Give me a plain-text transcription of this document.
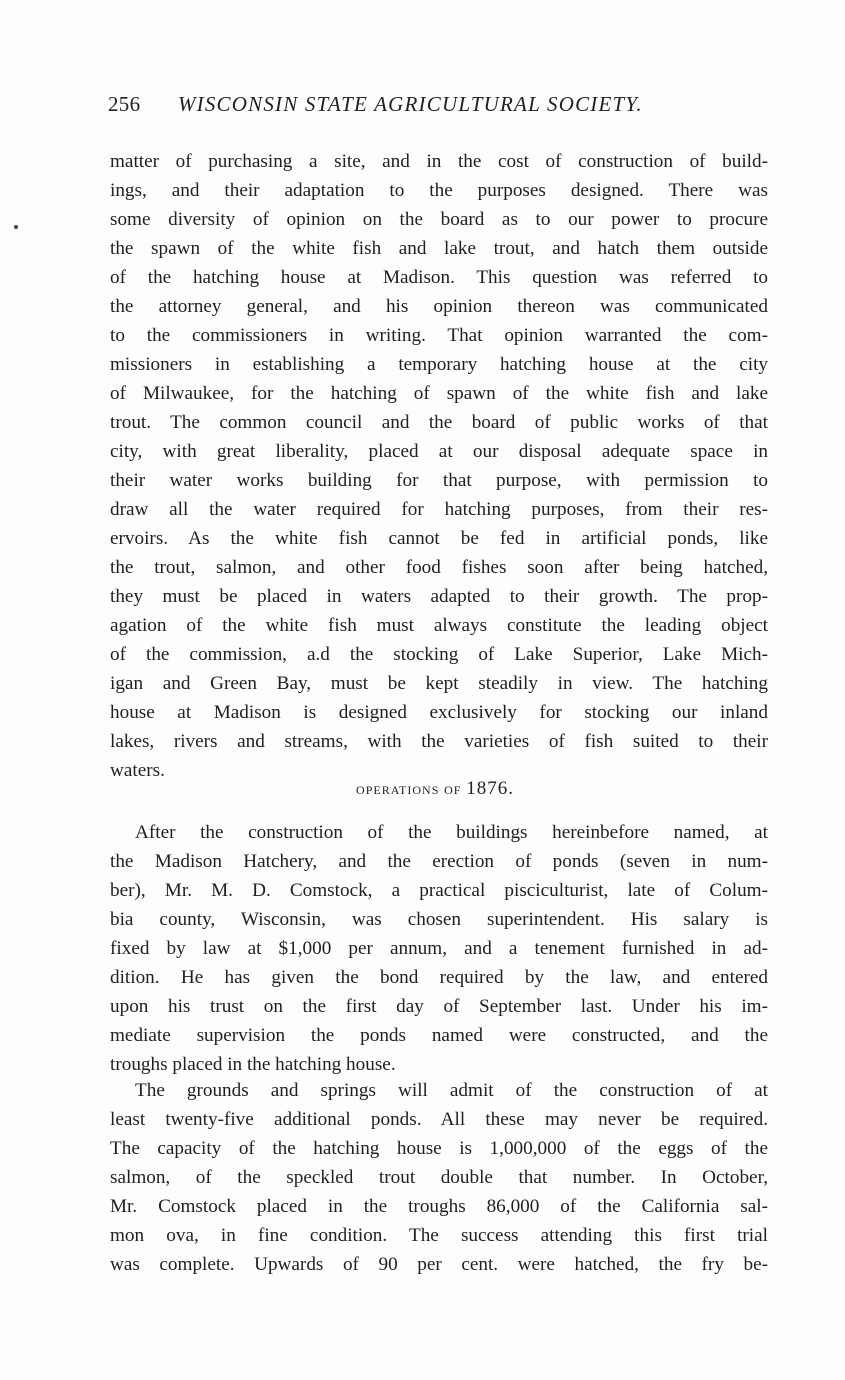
256 WISCONSIN STATE AGRICULTURAL SOCIETY.
matter of purchasing a site, and in the cost of construction of build-
ings, and their adaptation to the purposes designed. There was
some diversity of opinion on the board as to our power to procure
the spawn of the white fish and lake trout, and hatch them outside
of the hatching house at Madison. This question was referred to
the attorney general, and his opinion thereon was communicated
to the commissioners in writing. That opinion warranted the com-
missioners in establishing a temporary hatching house at the city
of Milwaukee, for the hatching of spawn of the white fish and lake
trout. The common council and the board of public works of that
city, with great liberality, placed at our disposal adequate space in
their water works building for that purpose, with permission to
draw all the water required for hatching purposes, from their res-
ervoirs. As the white fish cannot be fed in artificial ponds, like
the trout, salmon, and other food fishes soon after being hatched,
they must be placed in waters adapted to their growth. The prop-
agation of the white fish must always constitute the leading object
of the commission, a.d the stocking of Lake Superior, Lake Mich-
igan and Green Bay, must be kept steadily in view. The hatching
house at Madison is designed exclusively for stocking our inland
lakes, rivers and streams, with the varieties of fish suited to their
waters.
operations of 1876.
After the construction of the buildings hereinbefore named, at
the Madison Hatchery, and the erection of ponds (seven in num-
ber), Mr. M. D. Comstock, a practical pisciculturist, late of Colum-
bia county, Wisconsin, was chosen superintendent. His salary is
fixed by law at $1,000 per annum, and a tenement furnished in ad-
dition. He has given the bond required by the law, and entered
upon his trust on the first day of September last. Under his im-
mediate supervision the ponds named were constructed, and the
troughs placed in the hatching house.
The grounds and springs will admit of the construction of at
least twenty-five additional ponds. All these may never be required.
The capacity of the hatching house is 1,000,000 of the eggs of the
salmon, of the speckled trout double that number. In October,
Mr. Comstock placed in the troughs 86,000 of the California sal-
mon ova, in fine condition. The success attending this first trial
was complete. Upwards of 90 per cent. were hatched, the fry be-
